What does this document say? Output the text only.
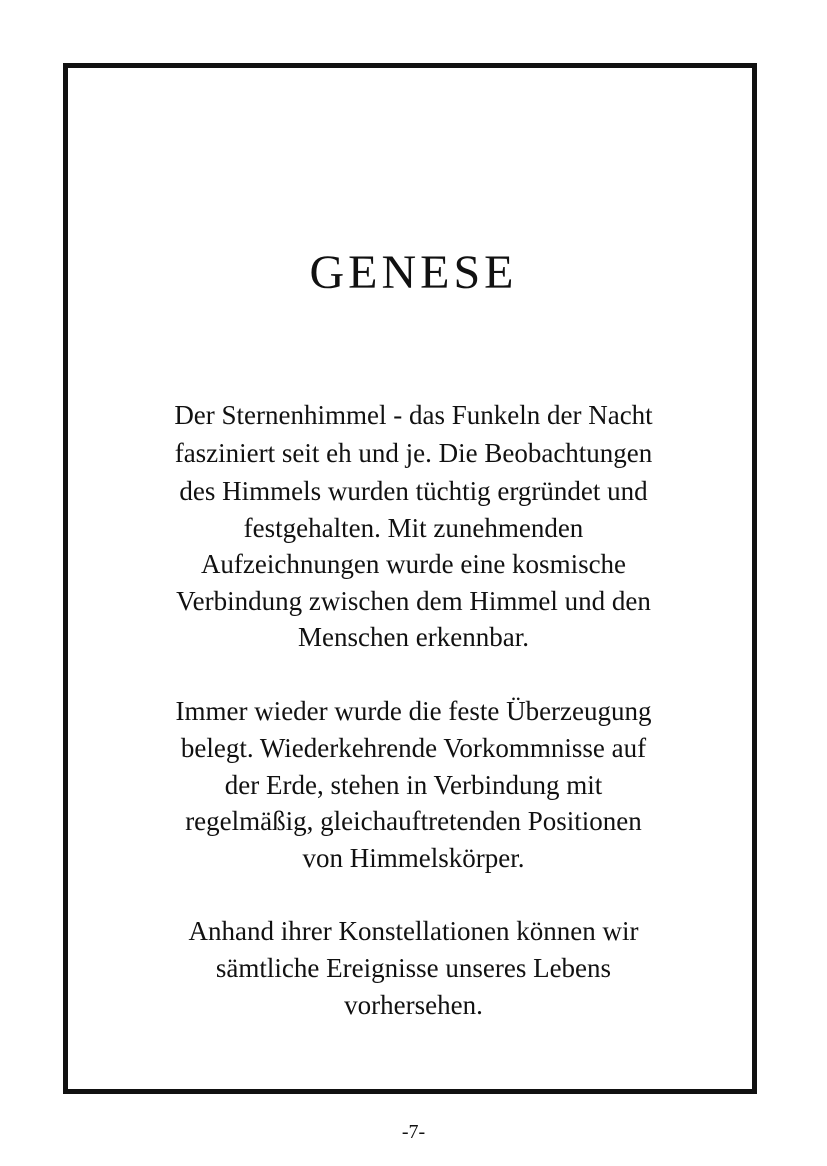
GENESE

Der Sternenhimmel - das Funkeln der Nacht

fasziniert seit eh und je. Die Beobachtungen

des Himmels wurden tüchtig ergründet und

festgehalten. Mit zunehmenden

Aufzeichnungen wurde eine kosmische

Verbindung zwischen dem Himmel und den

Menschen erkennbar.

Immer wieder wurde die feste Überzeugung

belegt. Wiederkehrende Vorkommnisse auf

der Erde, stehen in Verbindung mit

regelmäßig, gleichauftretenden Positionen

von Himmelskörper.

Anhand ihrer Konstellationen können wir

sämtliche Ereignisse unseres Lebens

vorhersehen.

-7-
